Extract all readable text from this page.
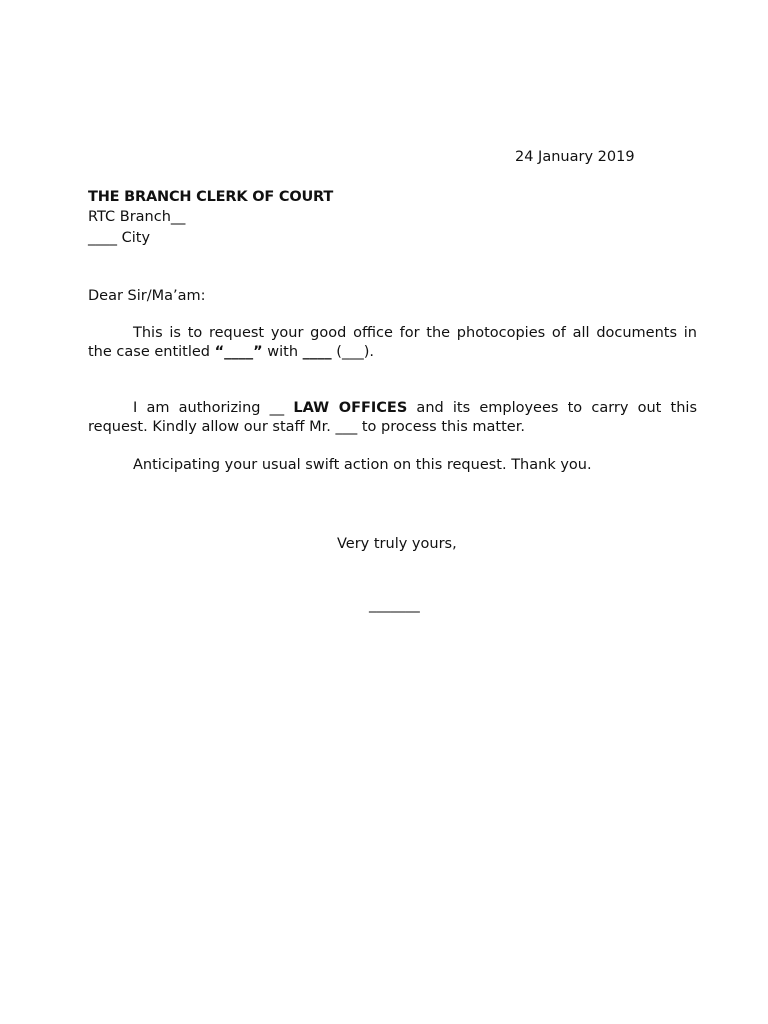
24 January 2019
THE BRANCH CLERK OF COURT
RTC Branch__
____ City
Dear Sir/Ma’am:
This is to request your good office for the photocopies of all documents in the case entitled “____” with ____ (___).
I am authorizing __ LAW OFFICES and its employees to carry out this request. Kindly allow our staff Mr. ___ to process this matter.
Anticipating your usual swift action on this request. Thank you.
Very truly yours,
_______
